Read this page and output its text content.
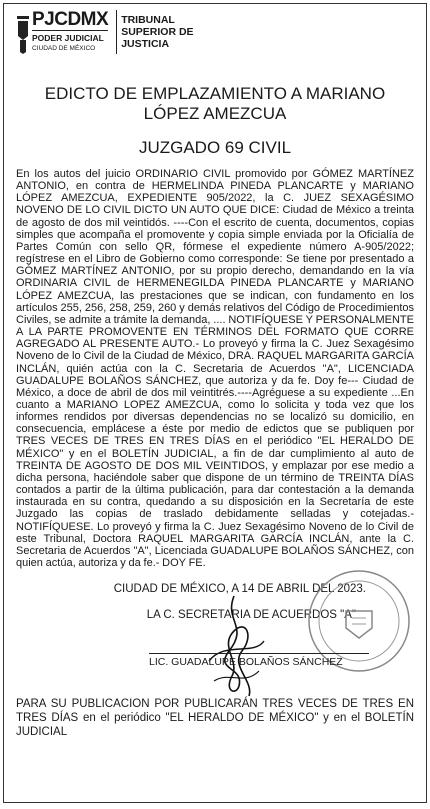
PJCDMX
PODER JUDICIAL
CIUDAD DE MÉXICO
TRIBUNAL
SUPERIOR DE
JUSTICIA
EDICTO DE EMPLAZAMIENTO A MARIANO LÓPEZ AMEZCUA
JUZGADO 69 CIVIL
En los autos del juicio ORDINARIO CIVIL promovido por GÓMEZ MARTÍNEZ ANTONIO, en contra de HERMELINDA PINEDA PLANCARTE y MARIANO LÓPEZ AMEZCUA, EXPEDIENTE 905/2022, la C. JUEZ SEXAGÉSIMO NOVENO DE LO CIVIL DICTO UN AUTO QUE DICE: Ciudad de México a treinta de agosto de dos mil veintidós. ----Con el escrito de cuenta, documentos, copias simples que acompaña el promovente y copia simple enviada por la Oficialía de Partes Común con sello QR, fórmese el expediente número A-905/2022; regístrese en el Libro de Gobierno como corresponde: Se tiene por presentado a GÓMEZ MARTÍNEZ ANTONIO, por su propio derecho, demandando en la vía ORDINARIA CIVIL de HERMENEGILDA PINEDA PLANCARTE y MARIANO LÓPEZ AMEZCUA, las prestaciones que se indican, con fundamento en los artículos 255, 256, 258, 259, 260 y demás relativos del Código de Procedimientos Civiles, se admite a trámite la demanda, .... NOTIFÍQUESE Y PERSONALMENTE A LA PARTE PROMOVENTE EN TÉRMINOS DEL FORMATO QUE CORRE AGREGADO AL PRESENTE AUTO.- Lo proveyó y firma la C. Juez Sexagésimo Noveno de lo Civil de la Ciudad de México, DRA. RAQUEL MARGARITA GARCÍA INCLÁN, quién actúa con la C. Secretaria de Acuerdos "A", LICENCIADA GUADALUPE BOLAÑOS SÁNCHEZ, que autoriza y da fe. Doy fe--- Ciudad de México, a doce de abril de dos mil veintitrés.----Agréguese a su expediente ...En cuanto a MARIANO LOPEZ AMEZCUA, como lo solicita y toda vez que los informes rendidos por diversas dependencias no se localizó su domicilio, en consecuencia, emplácese a éste por medio de edictos que se publiquen por TRES VECES DE TRES EN TRES DÍAS en el periódico "EL HERALDO DE MÉXICO" y en el BOLETÍN JUDICIAL, a fin de dar cumplimiento al auto de TREINTA DE AGOSTO DE DOS MIL VEINTIDOS, y emplazar por ese medio a dicha persona, haciéndole saber que dispone de un término de TREINTA DÍAS contados a partir de la última publicación, para dar contestación a la demanda instaurada en su contra, quedando a su disposición en la Secretaría de este Juzgado las copias de traslado debidamente selladas y cotejadas.- NOTIFÍQUESE. Lo proveyó y firma la C. Juez Sexagésimo Noveno de lo Civil de este Tribunal, Doctora RAQUEL MARGARITA GARCÍA INCLÁN, ante la C. Secretaria de Acuerdos "A", Licenciada GUADALUPE BOLAÑOS SÁNCHEZ, con quien actúa, autoriza y da fe.- DOY FE.
CIUDAD DE MÉXICO, A 14 DE ABRIL DEL 2023.
LA C. SECRETARIA DE ACUERDOS "A"
LIC. GUADALUPE BOLAÑOS SÁNCHEZ
PARA SU PUBLICACION POR PUBLICARÁN TRES VECES DE TRES EN TRES DÍAS en el periódico "EL HERALDO DE MÉXICO" y en el BOLETÍN JUDICIAL
